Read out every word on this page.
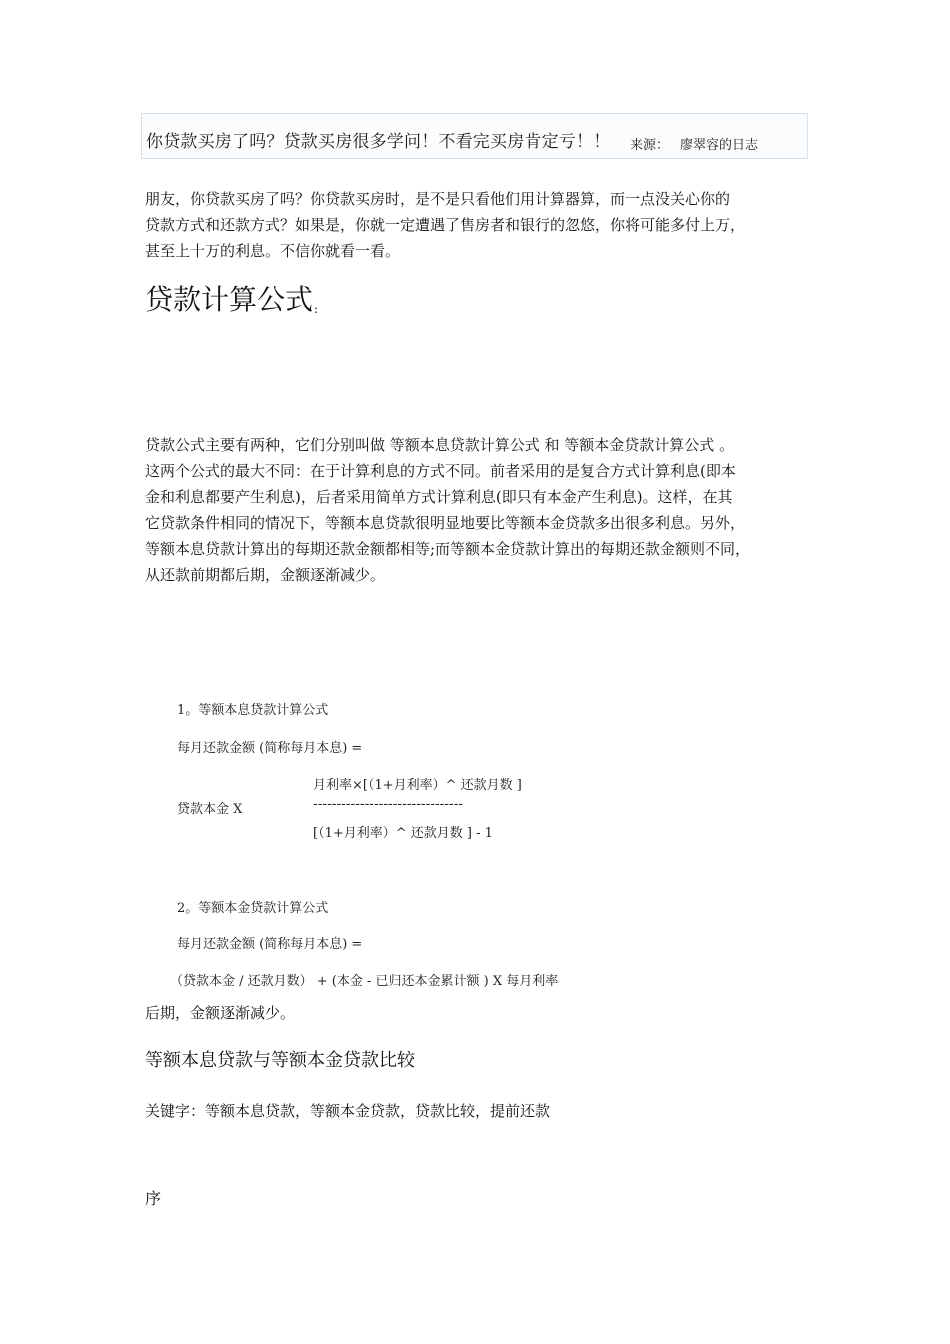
你贷款买房了吗？贷款买房很多学问！不看完买房肯定亏！！ 来源： 廖翠容的日志
朋友，你贷款买房了吗？你贷款买房时，是不是只看他们用计算器算，而一点没关心你的
贷款方式和还款方式？如果是，你就一定遭遇了售房者和银行的忽悠，你将可能多付上万，
甚至上十万的利息。不信你就看一看。
贷款计算公式 :
贷款公式主要有两种，它们分别叫做 等额本息贷款计算公式 和 等额本金贷款计算公式 。
这两个公式的最大不同：在于计算利息的方式不同。前者采用的是复合方式计算利息(即本
金和利息都要产生利息)，后者采用简单方式计算利息(即只有本金产生利息)。这样，在其
它贷款条件相同的情况下，等额本息贷款很明显地要比等额本金贷款多出很多利息。另外，
等额本息贷款计算出的每期还款金额都相等;而等额本金贷款计算出的每期还款金额则不同，
从还款前期都后期，金额逐渐减少。
1。等额本息贷款计算公式
每月还款金额 (简称每月本息) =
月利率×[（1+月利率）^ 还款月数 ]
贷款本金 X	--------------------------------
[（1+月利率）^ 还款月数 ] - 1
2。等额本金贷款计算公式
每月还款金额 (简称每月本息) =
（贷款本金 / 还款月数） + (本金 - 已归还本金累计额 ) X 每月利率
后期，金额逐渐减少。
等额本息贷款与等额本金贷款比较
关键字：等额本息贷款，等额本金贷款，贷款比较，提前还款
序
